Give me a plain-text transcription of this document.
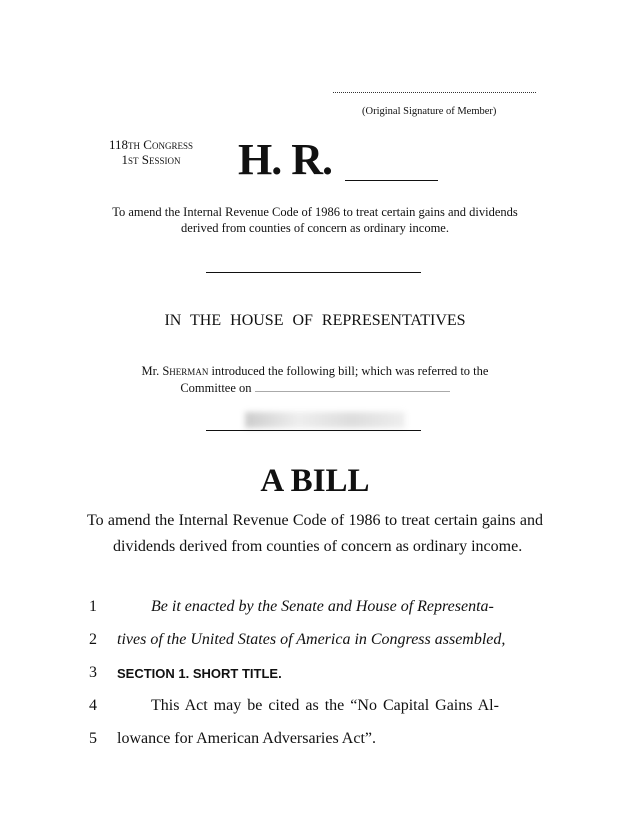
(Original Signature of Member)
118th Congress
1st Session	H. R.
To amend the Internal Revenue Code of 1986 to treat certain gains and dividends derived from counties of concern as ordinary income.
IN THE HOUSE OF REPRESENTATIVES
Mr. Sherman introduced the following bill; which was referred to the
Committee on
A BILL
To amend the Internal Revenue Code of 1986 to treat certain gains and dividends derived from counties of concern as ordinary income.
1	Be it enacted by the Senate and House of Representa-
2	tives of the United States of America in Congress assembled,
3	SECTION 1. SHORT TITLE.
4	This Act may be cited as the “No Capital Gains Al-
5	lowance for American Adversaries Act”.
